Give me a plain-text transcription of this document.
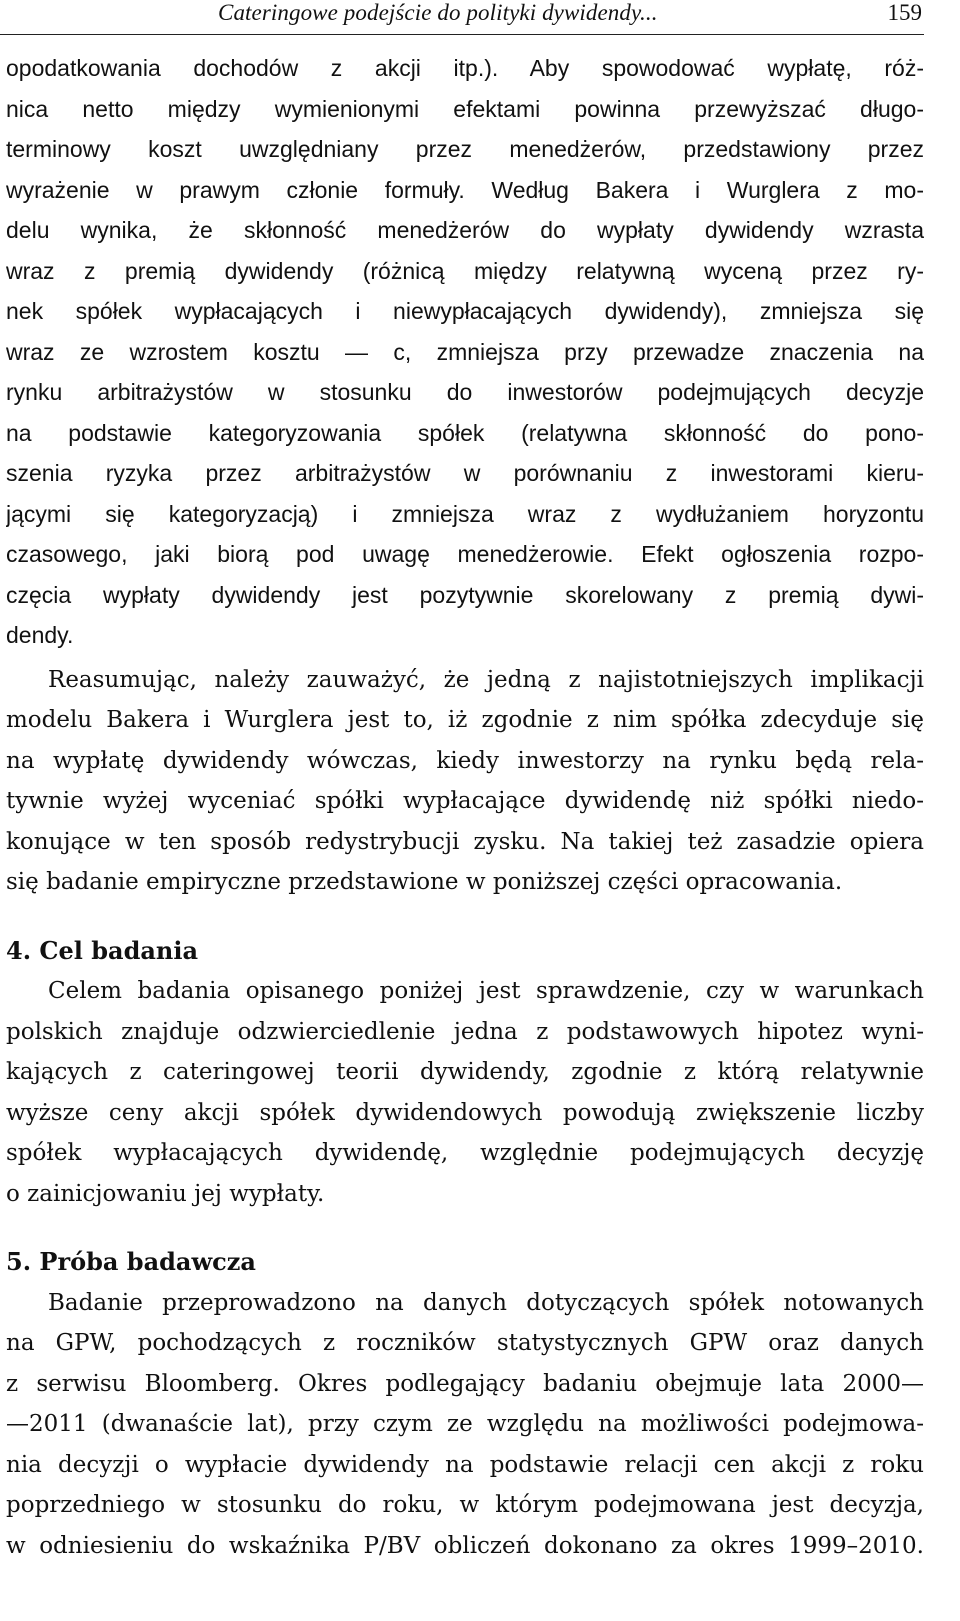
Cateringowe podejście do polityki dywidendy...	159
opodatkowania dochodów z akcji itp.). Aby spowodować wypłatę, róż-
nica netto między wymienionymi efektami powinna przewyższać długo-
terminowy koszt uwzględniany przez menedżerów, przedstawiony przez
wyrażenie w prawym członie formuły. Według Bakera i Wurglera z mo-
delu wynika, że skłonność menedżerów do wypłaty dywidendy wzrasta
wraz z premią dywidendy (różnicą między relatywną wyceną przez ry-
nek spółek wypłacających i niewypłacających dywidendy), zmniejsza się
wraz ze wzrostem kosztu — c, zmniejsza przy przewadze znaczenia na
rynku arbitrażystów w stosunku do inwestorów podejmujących decyzje
na podstawie kategoryzowania spółek (relatywna skłonność do pono-
szenia ryzyka przez arbitrażystów w porównaniu z inwestorami kieru-
jącymi się kategoryzacją) i zmniejsza wraz z wydłużaniem horyzontu
czasowego, jaki biorą pod uwagę menedżerowie. Efekt ogłoszenia rozpo-
częcia wypłaty dywidendy jest pozytywnie skorelowany z premią dywi-
dendy.
Reasumując, należy zauważyć, że jedną z najistotniejszych implikacji
modelu Bakera i Wurglera jest to, iż zgodnie z nim spółka zdecyduje się
na wypłatę dywidendy wówczas, kiedy inwestorzy na rynku będą rela-
tywnie wyżej wyceniać spółki wypłacające dywidendę niż spółki niedo-
konujące w ten sposób redystrybucji zysku. Na takiej też zasadzie opiera
się badanie empiryczne przedstawione w poniższej części opracowania.
4. Cel badania
Celem badania opisanego poniżej jest sprawdzenie, czy w warunkach
polskich znajduje odzwierciedlenie jedna z podstawowych hipotez wyni-
kających z cateringowej teorii dywidendy, zgodnie z którą relatywnie
wyższe ceny akcji spółek dywidendowych powodują zwiększenie liczby
spółek wypłacających dywidendę, względnie podejmujących decyzję
o zainicjowaniu jej wypłaty.
5. Próba badawcza
Badanie przeprowadzono na danych dotyczących spółek notowanych
na GPW, pochodzących z roczników statystycznych GPW oraz danych
z serwisu Bloomberg. Okres podlegający badaniu obejmuje lata 2000—
—2011 (dwanaście lat), przy czym ze względu na możliwości podejmowa-
nia decyzji o wypłacie dywidendy na podstawie relacji cen akcji z roku
poprzedniego w stosunku do roku, w którym podejmowana jest decyzja,
w odniesieniu do wskaźnika P/BV obliczeń dokonano za okres 1999–2010.
